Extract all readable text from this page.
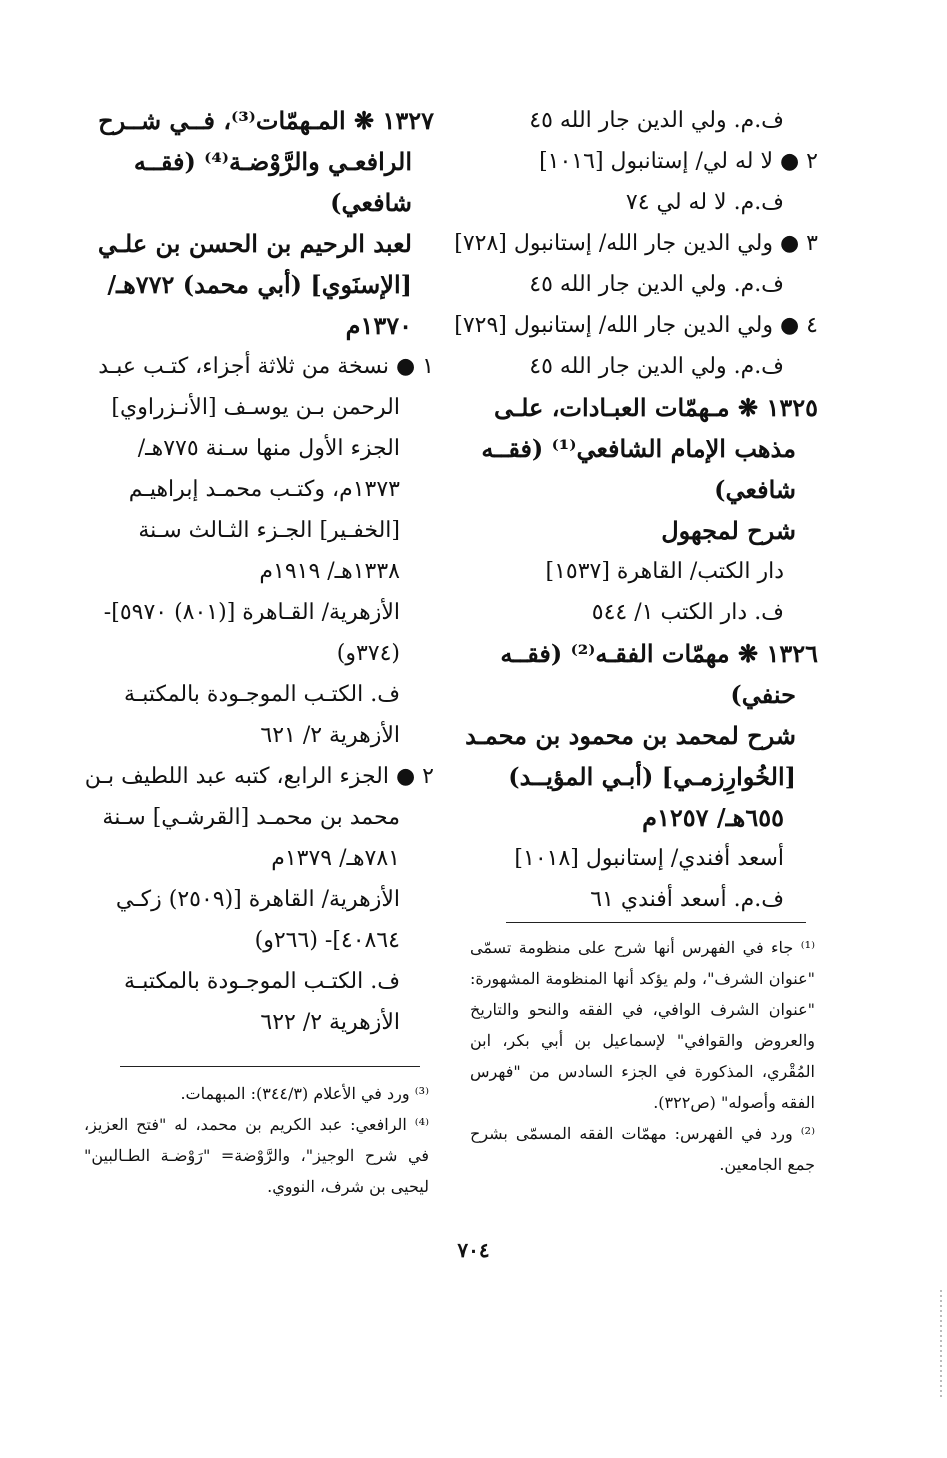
ف.م. ولي الدين جار الله ٤٥
٢ ● لا له لي/ إستانبول [١٠١٦]
ف.م. لا له لي ٧٤
٣ ● ولي الدين جار الله/ إستانبول [٧٢٨]
ف.م. ولي الدين جار الله ٤٥
٤ ● ولي الدين جار الله/ إستانبول [٧٢٩]
ف.م. ولي الدين جار الله ٤٥
١٣٢٥ ❋ مـهمّات العبـادات، علـى
مذهب الإمام الشافعي⁽¹⁾ (فقــه
شافعي)
شرح لمجهول
دار الكتب/ القاهرة [١٥٣٧]
ف. دار الكتب ١/ ٥٤٤
١٣٢٦ ❋ مهمّات الفقـه⁽²⁾ (فقــه
حنفي)
شرح لمحمد بن محمود بن محمـد
[الخُوارِزمـي] (أبـي المؤيــد)
٦٥٥هـ/ ١٢٥٧م
أسعد أفندي/ إستانبول [١٠١٨]
ف.م. أسعد أفندي ٦١
١٣٢٧ ❋ المـهمّات⁽³⁾، فــي شــرح
الرافعـي والرَّوْضـة⁽⁴⁾ (فقــه
شافعي)
لعبد الرحيم بن الحسن بن علـي
[الإسنَوي] (أبي محمد) ٧٧٢هـ/
١٣٧٠م
١ ● نسخة من ثلاثة أجزاء، كتـب عبـد
الرحمن بـن يوسـف [الأنـزراوي]
الجزء الأول منها سـنة ٧٧٥هـ/
١٣٧٣م، وكتـب محمـد إبراهيـم
[الخفـير] الجـزء الثـالث سـنة
١٣٣٨هـ/ ١٩١٩م
الأزهرية/ القـاهرة [(٨٠١) ٥٩٧٠]-
(٣٧٤و)
ف. الكتـب الموجـودة بالمكتبـة
الأزهرية ٢/ ٦٢١
٢ ● الجزء الرابع، كتبه عبد اللطيف بـن
محمد بن محمـد [القرشـي] سـنة
٧٨١هـ/ ١٣٧٩م
الأزهرية/ القاهرة [(٢٥٠٩) زكـي
٤٠٨٦٤]- (٢٦٦و)
ف. الكتـب الموجـودة بالمكتبـة
الأزهرية ٢/ ٦٢٢
⁽¹⁾ جاء في الفهرس أنها شرح على منظومة تسمّى "عنوان الشرف"، ولم يؤكد أنها المنظومة المشهورة: "عنوان الشرف الوافي، في الفقه والنحو والتاريخ والعروض والقوافي" لإسماعيل بن أبي بكر، ابن المُقْري، المذكورة في الجزء السادس من "فهرس الفقه وأصوله" (ص٣٢٢).
⁽²⁾ ورد في الفهرس: مهمّات الفقه المسمّى بشرح جمع الجامعين.
⁽³⁾ ورد في الأعلام (٣٤٤/٣): المبهمات.
⁽⁴⁾ الرافعي: عبد الكريم بن محمد، له "فتح العزيز، في شرح الوجيز"، والرَّوْضة= "رَوْضـة الطـالبين" ليحيى بن شرف، النووي.
٧٠٤
